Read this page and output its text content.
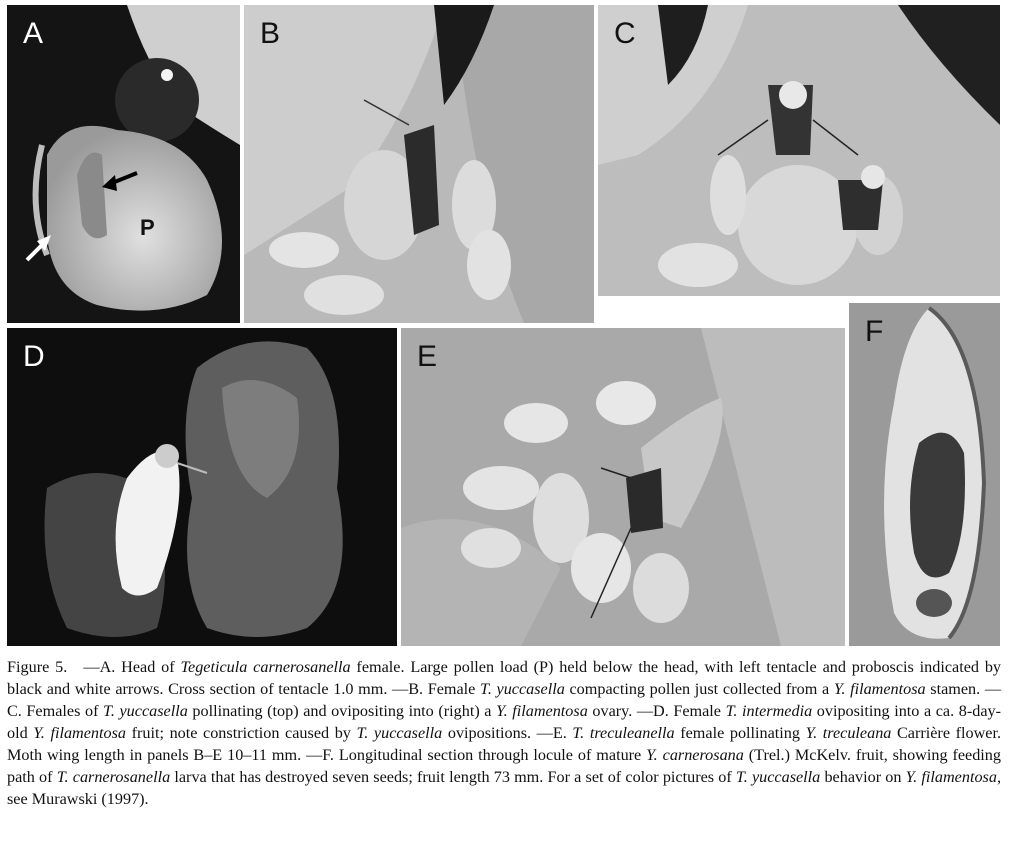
A
P
B	C
D	E
F
Figure 5. —A. Head of Tegeticula carnerosanella female. Large pollen load (P) held below the head, with left tentacle and proboscis indicated by black and white arrows. Cross section of tentacle 1.0 mm. —B. Female T. yuccasella compacting pollen just collected from a Y. filamentosa stamen. —C. Females of T. yuccasella pollinating (top) and ovipositing into (right) a Y. filamentosa ovary. —D. Female T. intermedia ovipositing into a ca. 8-day-old Y. filamentosa fruit; note constriction caused by T. yuccasella ovipositions. —E. T. treculeanella female pollinating Y. treculeana Carrière flower. Moth wing length in panels B–E 10–11 mm. —F. Longitudinal section through locule of mature Y. carnerosana (Trel.) McKelv. fruit, showing feeding path of T. carnerosanella larva that has destroyed seven seeds; fruit length 73 mm. For a set of color pictures of T. yuccasella behavior on Y. filamentosa, see Murawski (1997).
